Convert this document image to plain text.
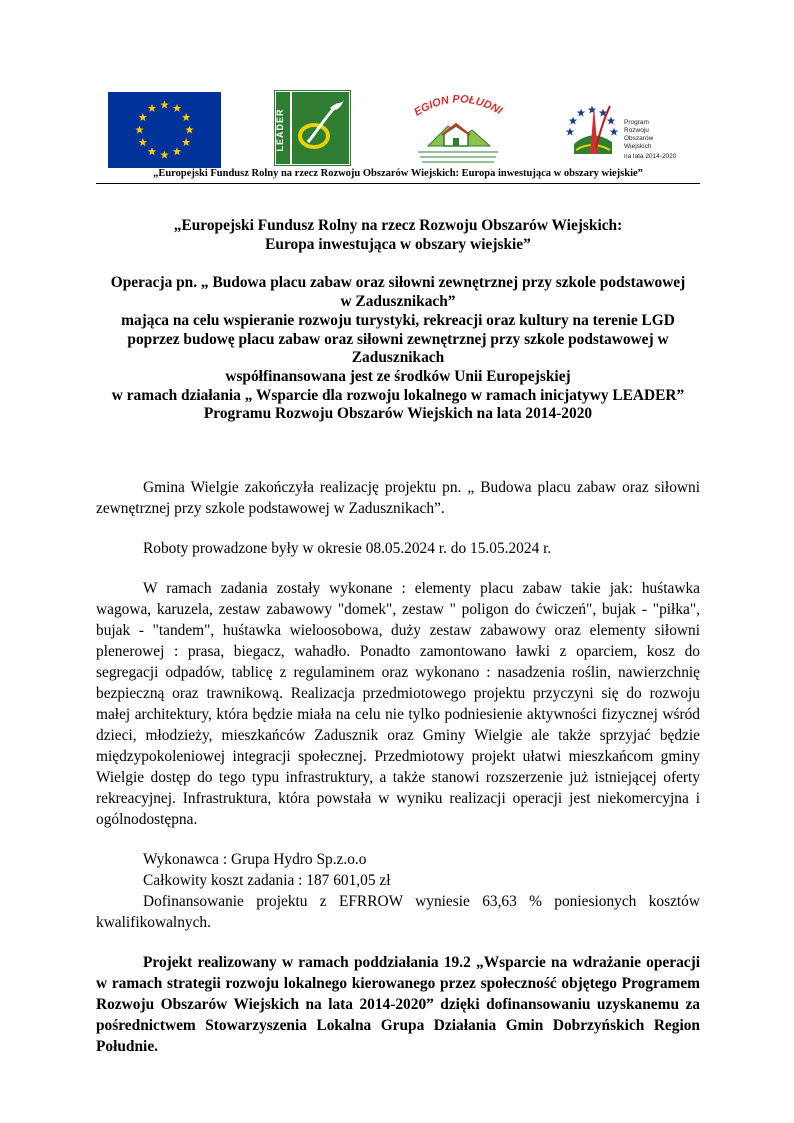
LEADER	EGION POŁUDNI
Program
Rozwoju
Obszarów
Wiejskich
na lata 2014-2020
„Europejski Fundusz Rolny na rzecz Rozwoju Obszarów Wiejskich: Europa inwestująca w obszary wiejskie”

„Europejski Fundusz Rolny na rzecz Rozwoju Obszarów Wiejskich:

Europa inwestująca w obszary wiejskie”

Operacja pn. „ Budowa placu zabaw oraz siłowni zewnętrznej przy szkole podstawowej

w Zadusznikach”

mająca na celu wspieranie rozwoju turystyki, rekreacji oraz kultury na terenie LGD

poprzez budowę placu zabaw oraz siłowni zewnętrznej przy szkole podstawowej w

Zadusznikach

współfinansowana jest ze środków Unii Europejskiej

w ramach działania „ Wsparcie dla rozwoju lokalnego w ramach inicjatywy LEADER”

Programu Rozwoju Obszarów Wiejskich na lata 2014-2020

Gmina Wielgie zakończyła realizację projektu pn. „ Budowa placu zabaw oraz siłowni zewnętrznej przy szkole podstawowej w Zadusznikach”.

Roboty prowadzone były w okresie 08.05.2024 r. do 15.05.2024 r.

W ramach zadania zostały wykonane : elementy placu zabaw takie jak: huśtawka wagowa, karuzela, zestaw zabawowy "domek", zestaw " poligon do ćwiczeń", bujak - "piłka", bujak - "tandem", huśtawka wieloosobowa, duży zestaw zabawowy oraz elementy siłowni plenerowej : prasa, biegacz, wahadło. Ponadto zamontowano ławki z oparciem, kosz do segregacji odpadów, tablicę z regulaminem oraz wykonano : nasadzenia roślin, nawierzchnię bezpieczną oraz trawnikową. Realizacja przedmiotowego projektu przyczyni się do rozwoju małej architektury, która będzie miała na celu nie tylko podniesienie aktywności fizycznej wśród dzieci, młodzieży, mieszkańców Zadusznik oraz Gminy Wielgie ale także sprzyjać będzie międzypokoleniowej integracji społecznej. Przedmiotowy projekt ułatwi mieszkańcom gminy Wielgie dostęp do tego typu infrastruktury, a także stanowi rozszerzenie już istniejącej oferty rekreacyjnej. Infrastruktura, która powstała w wyniku realizacji operacji jest niekomercyjna i ogólnodostępna.

Wykonawca : Grupa Hydro Sp.z.o.o

Całkowity koszt zadania : 187 601,05 zł

Dofinansowanie projektu z EFRROW wyniesie 63,63 % poniesionych kosztów kwalifikowalnych.

Projekt realizowany w ramach poddziałania 19.2 „Wsparcie na wdrażanie operacji w ramach strategii rozwoju lokalnego kierowanego przez społeczność objętego Programem Rozwoju Obszarów Wiejskich na lata 2014-2020” dzięki dofinansowaniu uzyskanemu za pośrednictwem Stowarzyszenia Lokalna Grupa Działania Gmin Dobrzyńskich Region Południe.
